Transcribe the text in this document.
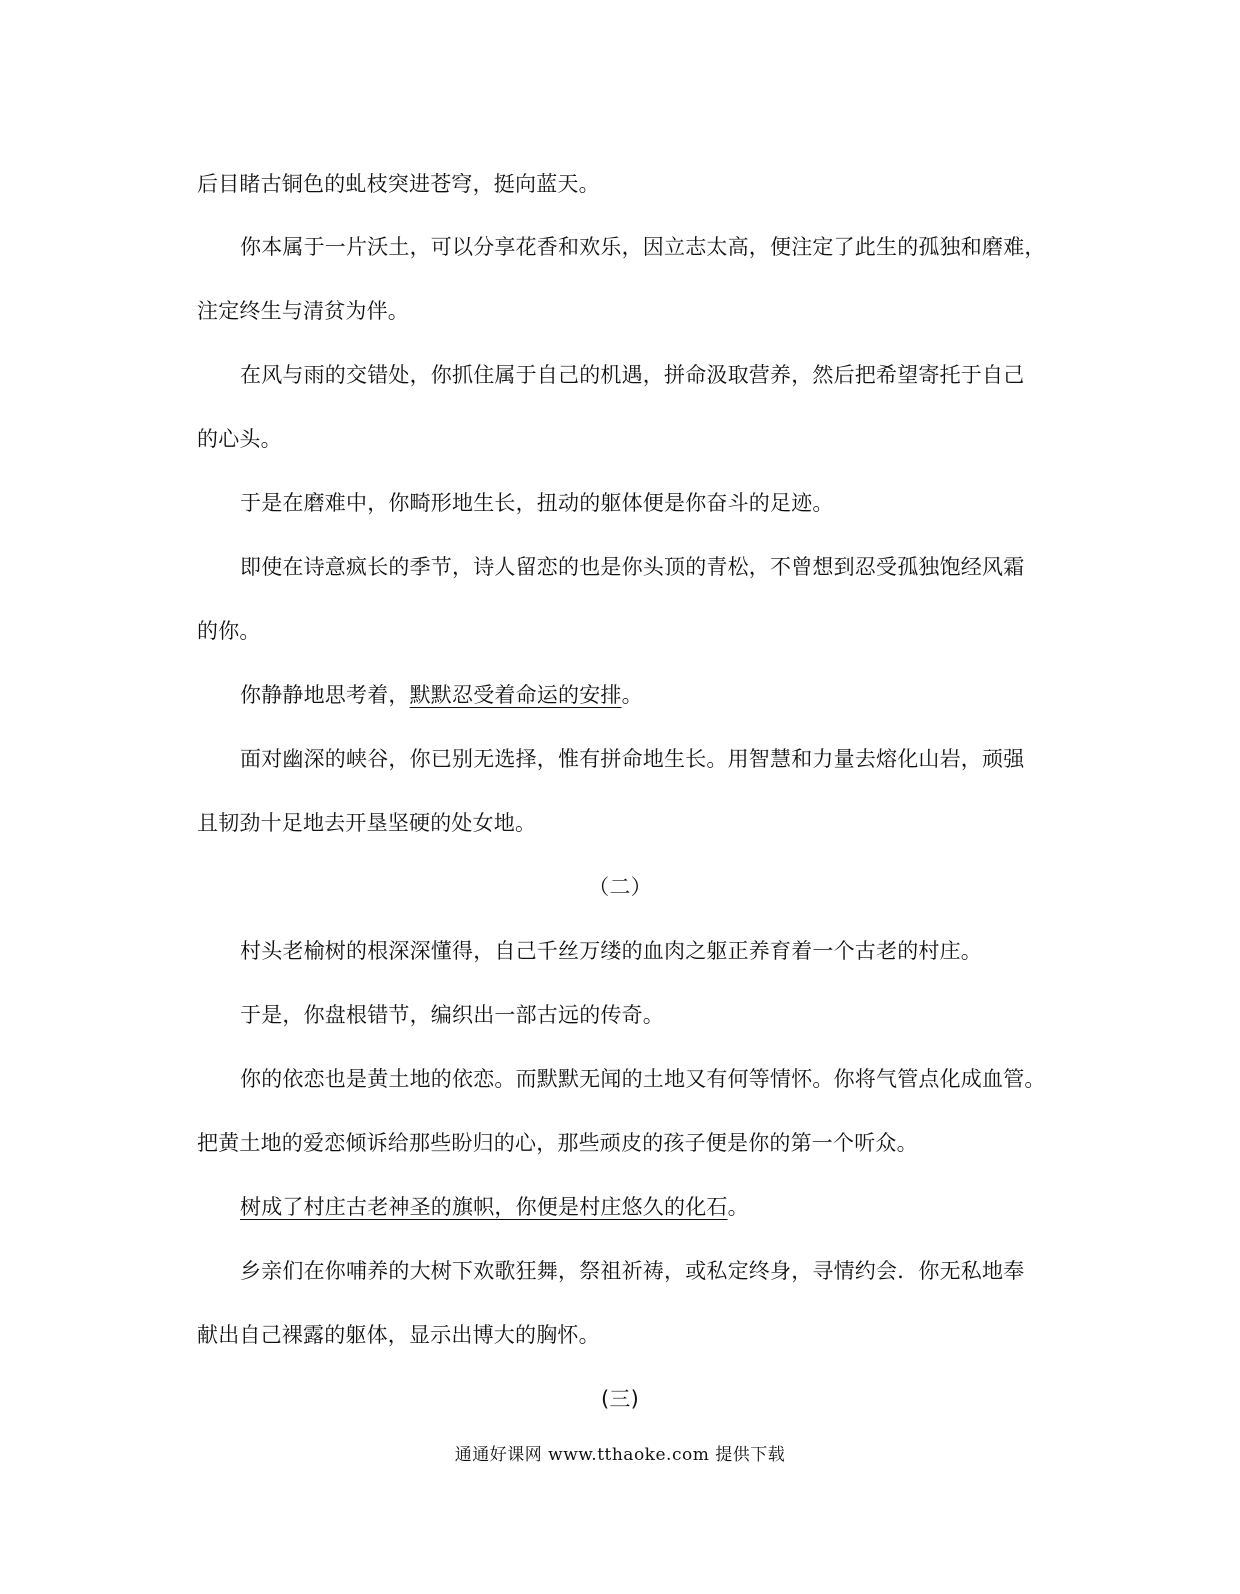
后目睹古铜色的虬枝突进苍穹，挺向蓝天。
你本属于一片沃土，可以分享花香和欢乐，因立志太高，便注定了此生的孤独和磨难，
注定终生与清贫为伴。
在风与雨的交错处，你抓住属于自己的机遇，拼命汲取营养，然后把希望寄托于自己
的心头。
于是在磨难中，你畸形地生长，扭动的躯体便是你奋斗的足迹。
即使在诗意疯长的季节，诗人留恋的也是你头顶的青松，不曾想到忍受孤独饱经风霜
的你。
你静静地思考着，默默忍受着命运的安排。
面对幽深的峡谷，你已别无选择，惟有拼命地生长。用智慧和力量去熔化山岩，顽强
且韧劲十足地去开垦坚硬的处女地。
（二）
村头老榆树的根深深懂得，自己千丝万缕的血肉之躯正养育着一个古老的村庄。
于是，你盘根错节，编织出一部古远的传奇。
你的依恋也是黄土地的依恋。而默默无闻的土地又有何等情怀。你将气管点化成血管。
把黄土地的爱恋倾诉给那些盼归的心，那些顽皮的孩子便是你的第一个听众。
树成了村庄古老神圣的旗帜，你便是村庄悠久的化石。
乡亲们在你哺养的大树下欢歌狂舞，祭祖祈祷，或私定终身，寻情约会．你无私地奉
献出自己裸露的躯体，显示出博大的胸怀。
(三)
通通好课网 www.tthaoke.com 提供下载
